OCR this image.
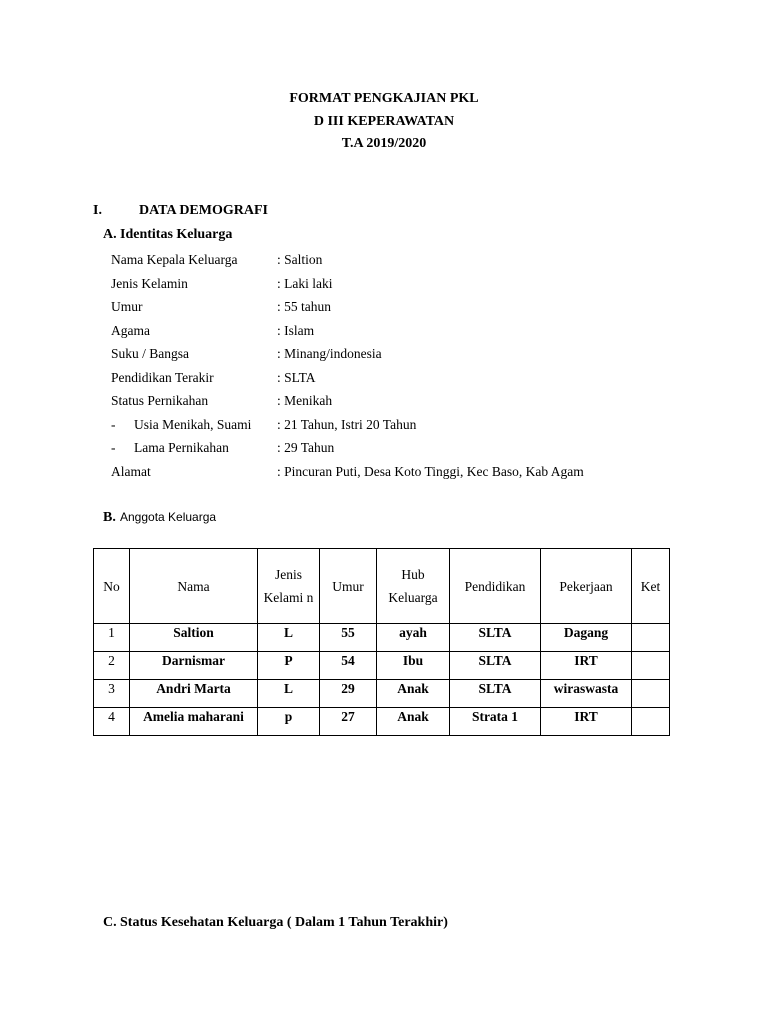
FORMAT PENGKAJIAN PKL
D III KEPERAWATAN
T.A 2019/2020
I.	DATA DEMOGRAFI
A. Identitas Keluarga
Nama Kepala Keluarga	: Saltion
Jenis Kelamin	: Laki laki
Umur	: 55 tahun
Agama	: Islam
Suku / Bangsa	: Minang/indonesia
Pendidikan Terakir	: SLTA
Status Pernikahan	: Menikah
- Usia Menikah, Suami : 21 Tahun, Istri 20 Tahun
- Lama Pernikahan	: 29 Tahun
Alamat	: Pincuran Puti, Desa Koto Tinggi, Kec Baso, Kab Agam
B. Anggota Keluarga
No	Nama	Jenis Kelami n	Umur	Hub Keluarga	Pendidikan	Pekerjaan	Ket
1	Saltion	L	55	ayah	SLTA	Dagang	
2	Darnismar	P	54	Ibu	SLTA	IRT	
3	Andri Marta	L	29	Anak	SLTA	wiraswasta	
4	Amelia maharani	p	27	Anak	Strata 1	IRT	
C. Status Kesehatan Keluarga ( Dalam 1 Tahun Terakhir)
